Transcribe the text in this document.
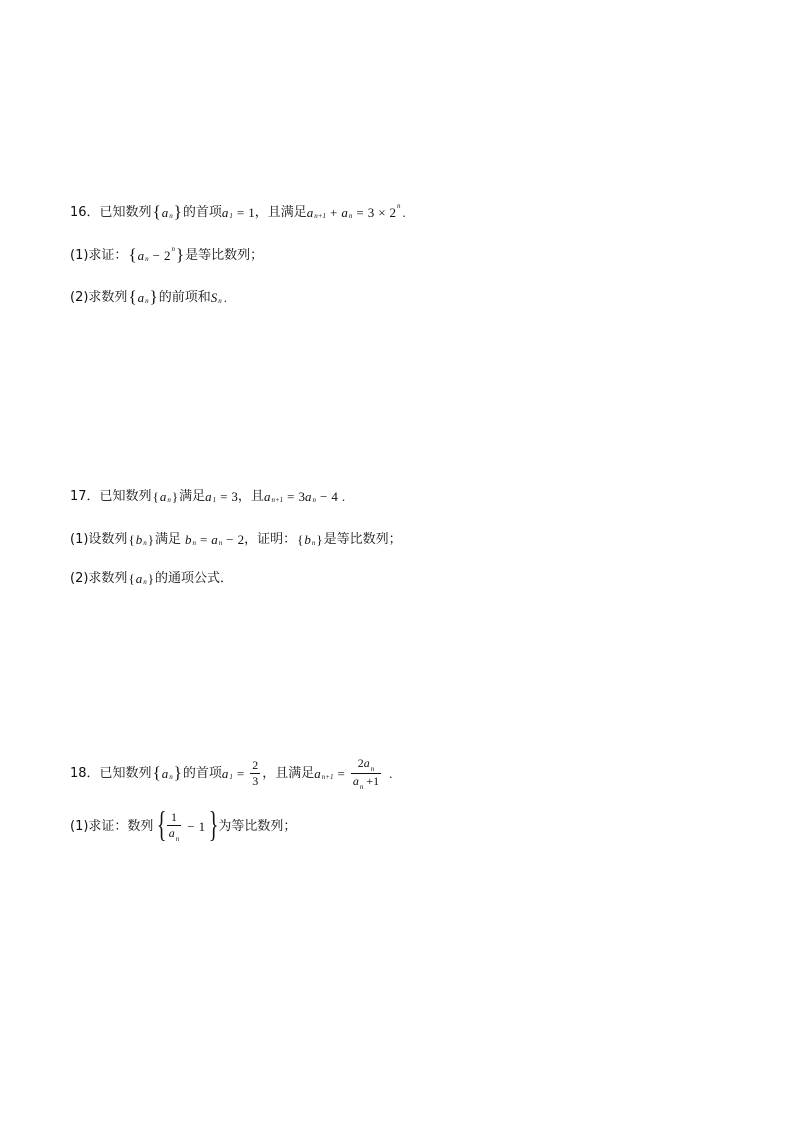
16． 已知数列 { a n } 的首项 a 1 = 1 ，且满足 a n+1 + a n = 3 × 2 n .
(1) 求证： { a n − 2 n } 是等比数列；
(2) 求数列 { a n } 的前项和 S n .
17． 已知数列 { a n } 满足 a 1 = 3 ，且 a n+1 = 3 a n − 4 .
(1) 设数列 { b n } 满足 b n = a n − 2 ，证明： { b n } 是等比数列；
(2) 求数列 { a n } 的通项公式．
18． 已知数列 { a n } 的首项 a $1 = \frac{2}{3}$ ，且满足 a $n+1 = \frac{\text{2 a n}}{\text{a n +1}}$ .
(1) 求证：数列 { $\frac{1}{\text{a n}} - 1$ } 为等比数列；
